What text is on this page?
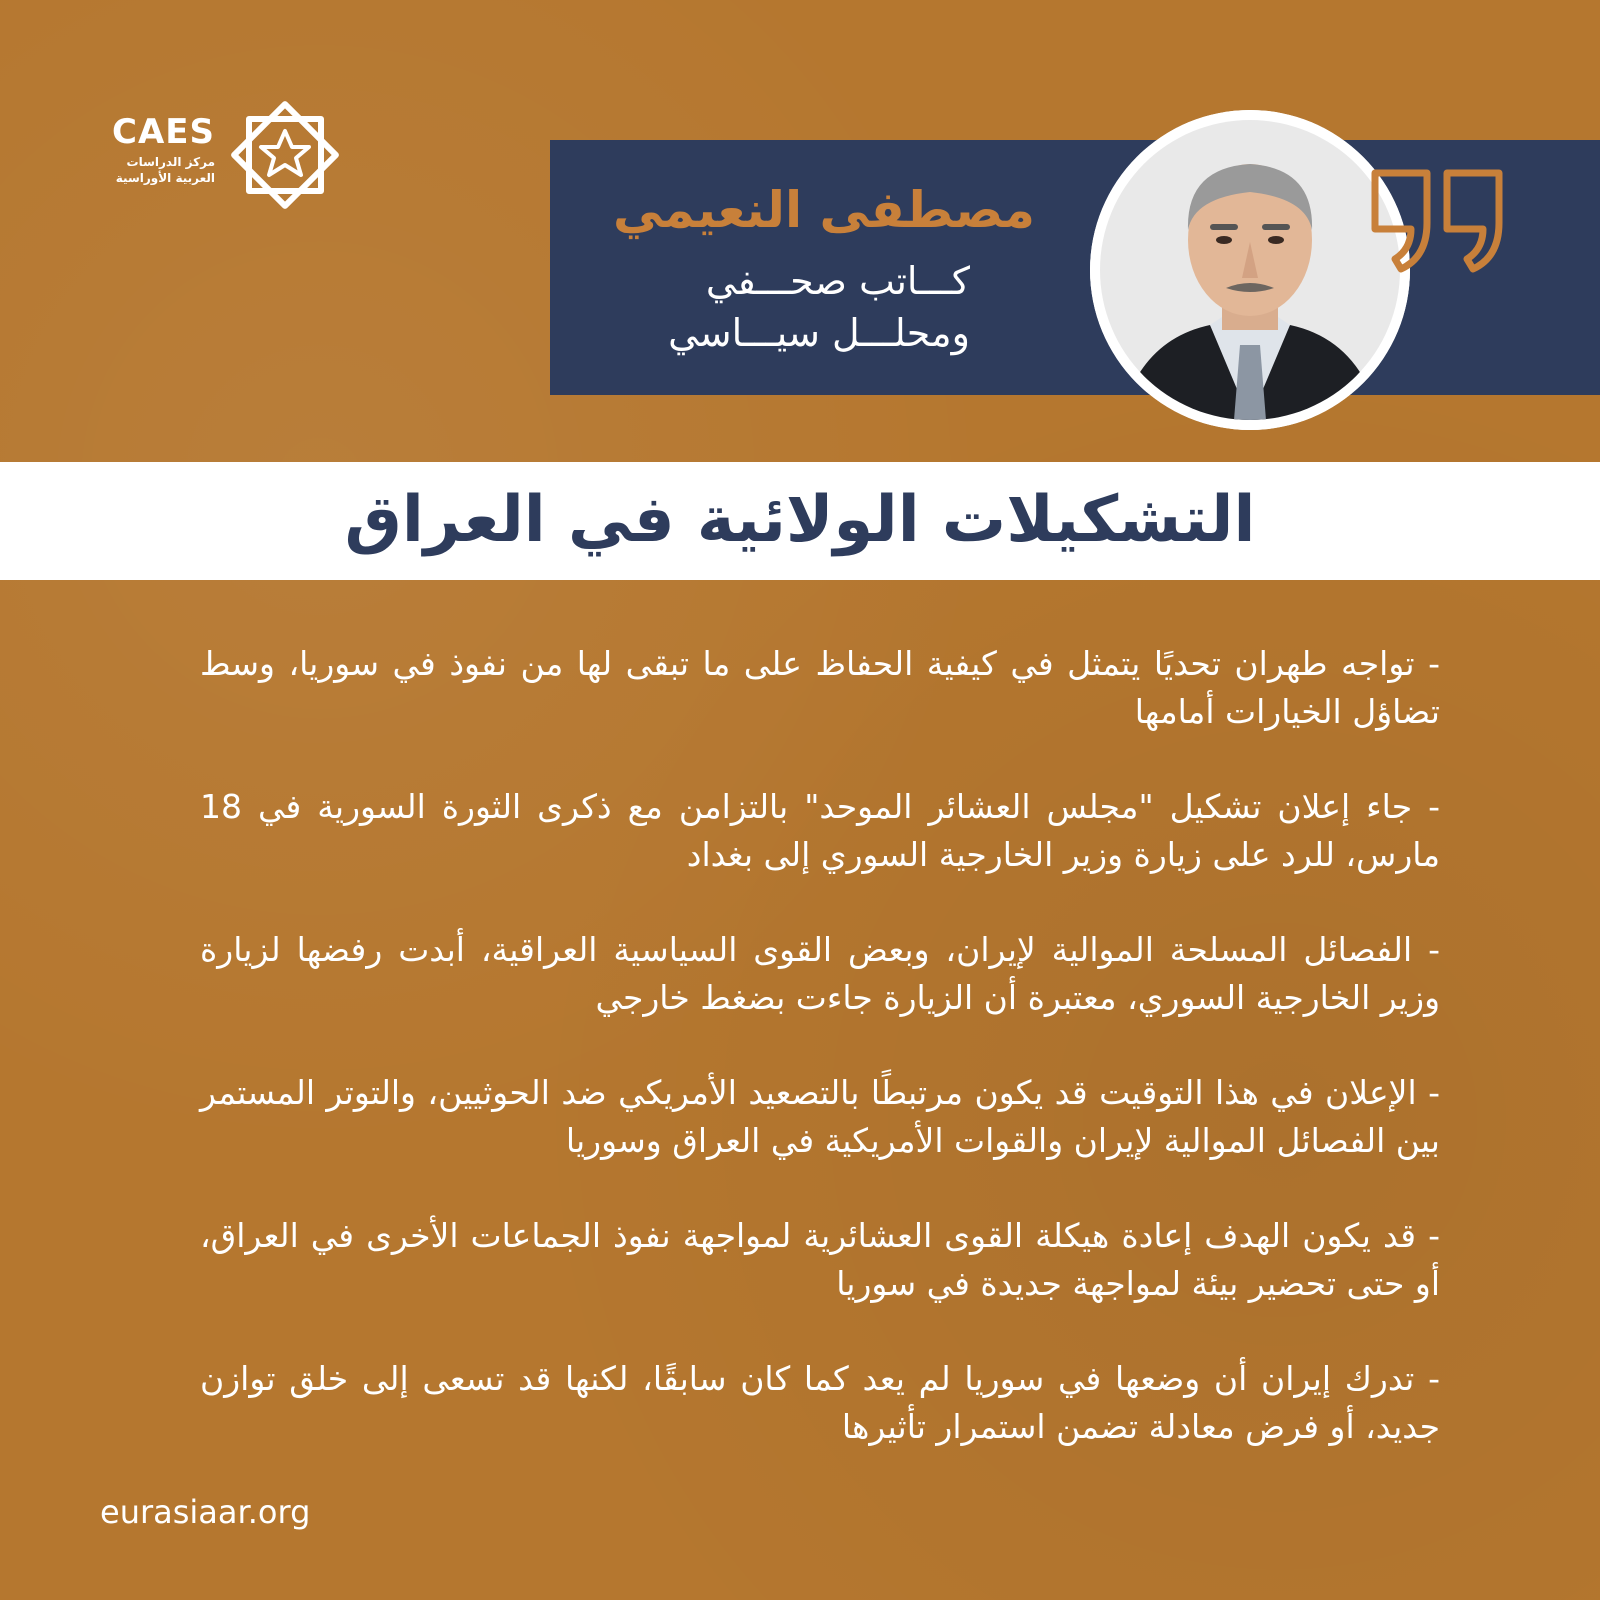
CAES
مركز الدراسات
العربية الأوراسية
مصطفى النعيمي
كـــاتب صحـــفي
ومحلـــل سيـــاسي
التشكيلات الولائية في العراق
- تواجه طهران تحديًا يتمثل في كيفية الحفاظ على ما تبقى لها من نفوذ في سوريا، وسط تضاؤل الخيارات أمامها
- جاء إعلان تشكيل "مجلس العشائر الموحد" بالتزامن مع ذكرى الثورة السورية في 18 مارس، للرد على زيارة وزير الخارجية السوري إلى بغداد
- الفصائل المسلحة الموالية لإيران، وبعض القوى السياسية العراقية، أبدت رفضها لزيارة وزير الخارجية السوري، معتبرة أن الزيارة جاءت بضغط خارجي
- الإعلان في هذا التوقيت قد يكون مرتبطًا بالتصعيد الأمريكي ضد الحوثيين، والتوتر المستمر بين الفصائل الموالية لإيران والقوات الأمريكية في العراق وسوريا
- قد يكون الهدف إعادة هيكلة القوى العشائرية لمواجهة نفوذ الجماعات الأخرى في العراق، أو حتى تحضير بيئة لمواجهة جديدة في سوريا
- تدرك إيران أن وضعها في سوريا لم يعد كما كان سابقًا، لكنها قد تسعى إلى خلق توازن جديد، أو فرض معادلة تضمن استمرار تأثيرها
eurasiaar.org
